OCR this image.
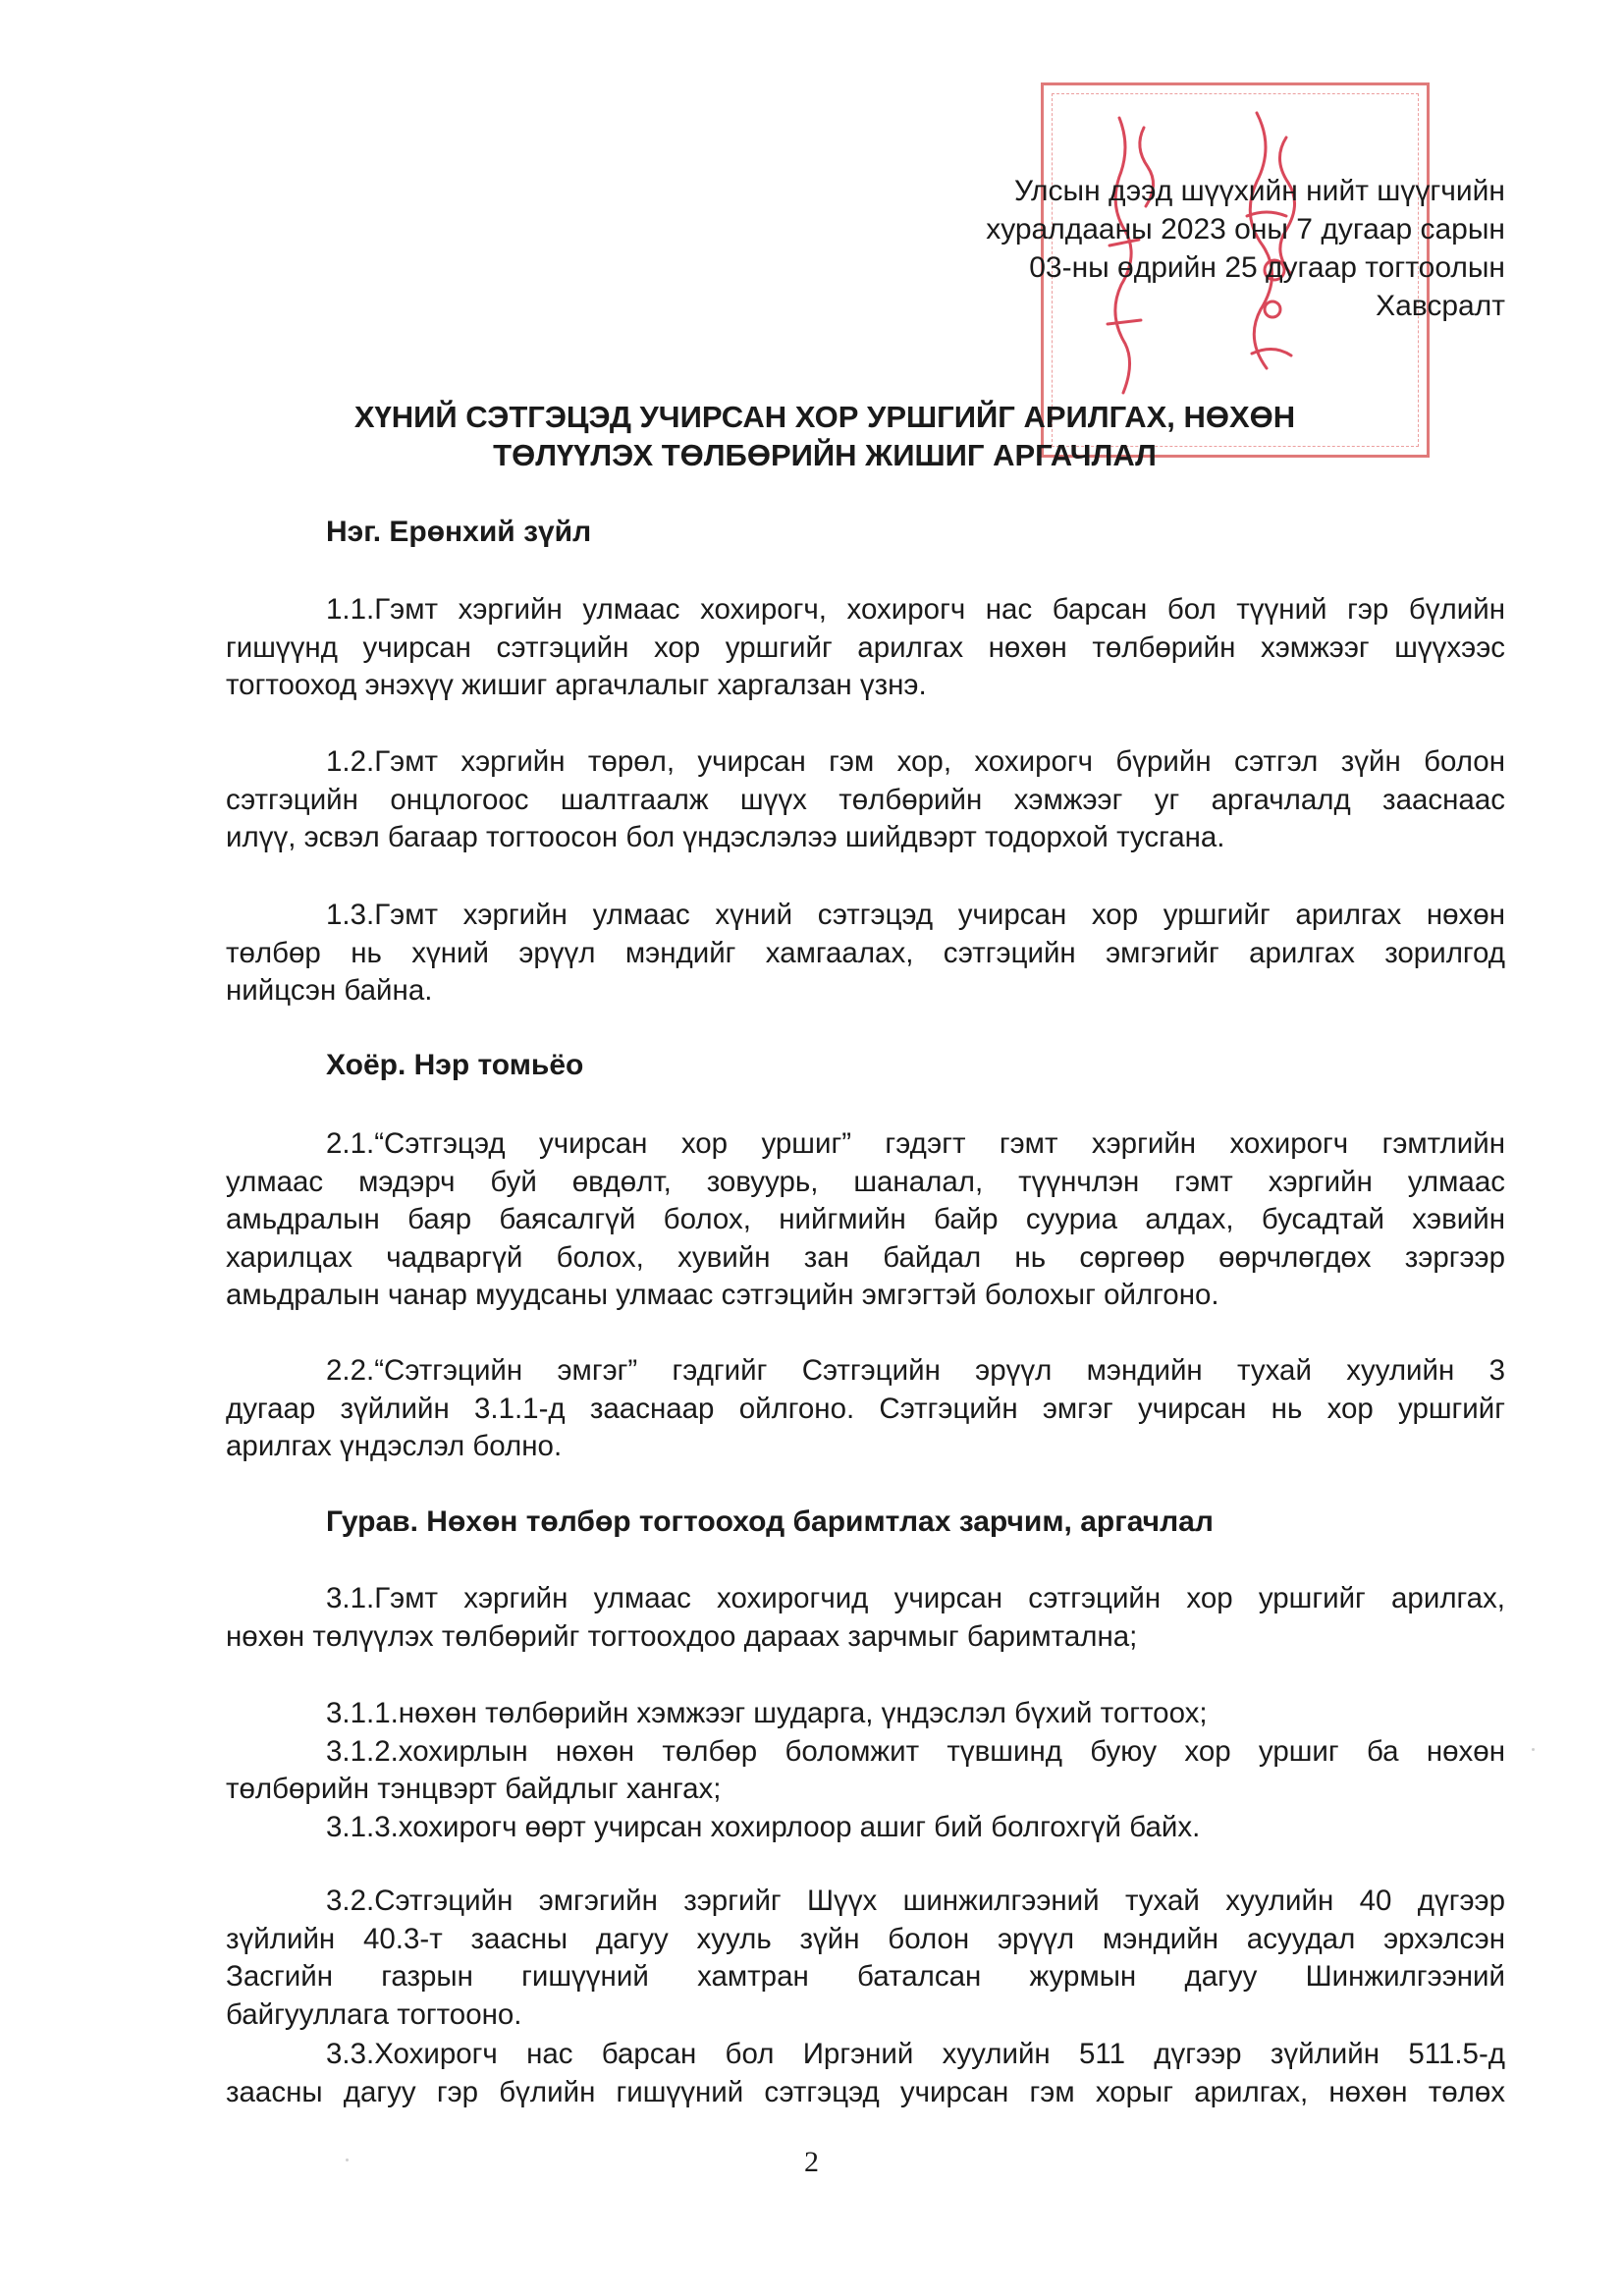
Улсын дээд шүүхийн нийт шүүгчийн
хуралдааны 2023 оны 7 дугаар сарын
03-ны өдрийн 25 дугаар тогтоолын
Хавсралт
ХҮНИЙ СЭТГЭЦЭД УЧИРСАН ХОР УРШГИЙГ АРИЛГАХ, НӨХӨН
ТӨЛҮҮЛЭХ ТӨЛБӨРИЙН ЖИШИГ АРГАЧЛАЛ
Нэг. Ерөнхий зүйл
1.1.Гэмт хэргийн улмаас хохирогч, хохирогч нас барсан бол түүний гэр бүлийн
гишүүнд учирсан сэтгэцийн хор уршгийг арилгах нөхөн төлбөрийн хэмжээг шүүхээс
тогтооход энэхүү жишиг аргачлалыг харгалзан үзнэ.
1.2.Гэмт хэргийн төрөл, учирсан гэм хор, хохирогч бүрийн сэтгэл зүйн болон
сэтгэцийн онцлогоос шалтгаалж шүүх төлбөрийн хэмжээг уг аргачлалд зааснаас
илүү, эсвэл багаар тогтоосон бол үндэслэлээ шийдвэрт тодорхой тусгана.
1.3.Гэмт хэргийн улмаас хүний сэтгэцэд учирсан хор уршгийг арилгах нөхөн
төлбөр нь хүний эрүүл мэндийг хамгаалах, сэтгэцийн эмгэгийг арилгах зорилгод
нийцсэн байна.
Хоёр. Нэр томьёо
2.1.“Сэтгэцэд учирсан хор уршиг” гэдэгт гэмт хэргийн хохирогч гэмтлийн
улмаас мэдэрч буй өвдөлт, зовуурь, шаналал, түүнчлэн гэмт хэргийн улмаас
амьдралын баяр баясалгүй болох, нийгмийн байр сууриа алдах, бусадтай хэвийн
харилцах чадваргүй болох, хувийн зан байдал нь сөргөөр өөрчлөгдөх зэргээр
амьдралын чанар муудсаны улмаас сэтгэцийн эмгэгтэй болохыг ойлгоно.
2.2.“Сэтгэцийн эмгэг” гэдгийг Сэтгэцийн эрүүл мэндийн тухай хуулийн 3
дугаар зүйлийн 3.1.1-д зааснаар ойлгоно. Сэтгэцийн эмгэг учирсан нь хор уршгийг
арилгах үндэслэл болно.
Гурав. Нөхөн төлбөр тогтооход баримтлах зарчим, аргачлал
3.1.Гэмт хэргийн улмаас хохирогчид учирсан сэтгэцийн хор уршгийг арилгах,
нөхөн төлүүлэх төлбөрийг тогтоохдоо дараах зарчмыг баримтална;
3.1.1.нөхөн төлбөрийн хэмжээг шударга, үндэслэл бүхий тогтоох;
3.1.2.хохирлын нөхөн төлбөр боломжит түвшинд буюу хор уршиг ба нөхөн
төлбөрийн тэнцвэрт байдлыг хангах;
3.1.3.хохирогч өөрт учирсан хохирлоор ашиг бий болгохгүй байх.
3.2.Сэтгэцийн эмгэгийн зэргийг Шүүх шинжилгээний тухай хуулийн 40 дүгээр
зүйлийн 40.3-т заасны дагуу хууль зүйн болон эрүүл мэндийн асуудал эрхэлсэн
Засгийн газрын гишүүний хамтран баталсан журмын дагуу Шинжилгээний
байгууллага тогтооно.
3.3.Хохирогч нас барсан бол Иргэний хуулийн 511 дүгээр зүйлийн 511.5-д
заасны дагуу гэр бүлийн гишүүний сэтгэцэд учирсан гэм хорыг арилгах, нөхөн төлөх
2
